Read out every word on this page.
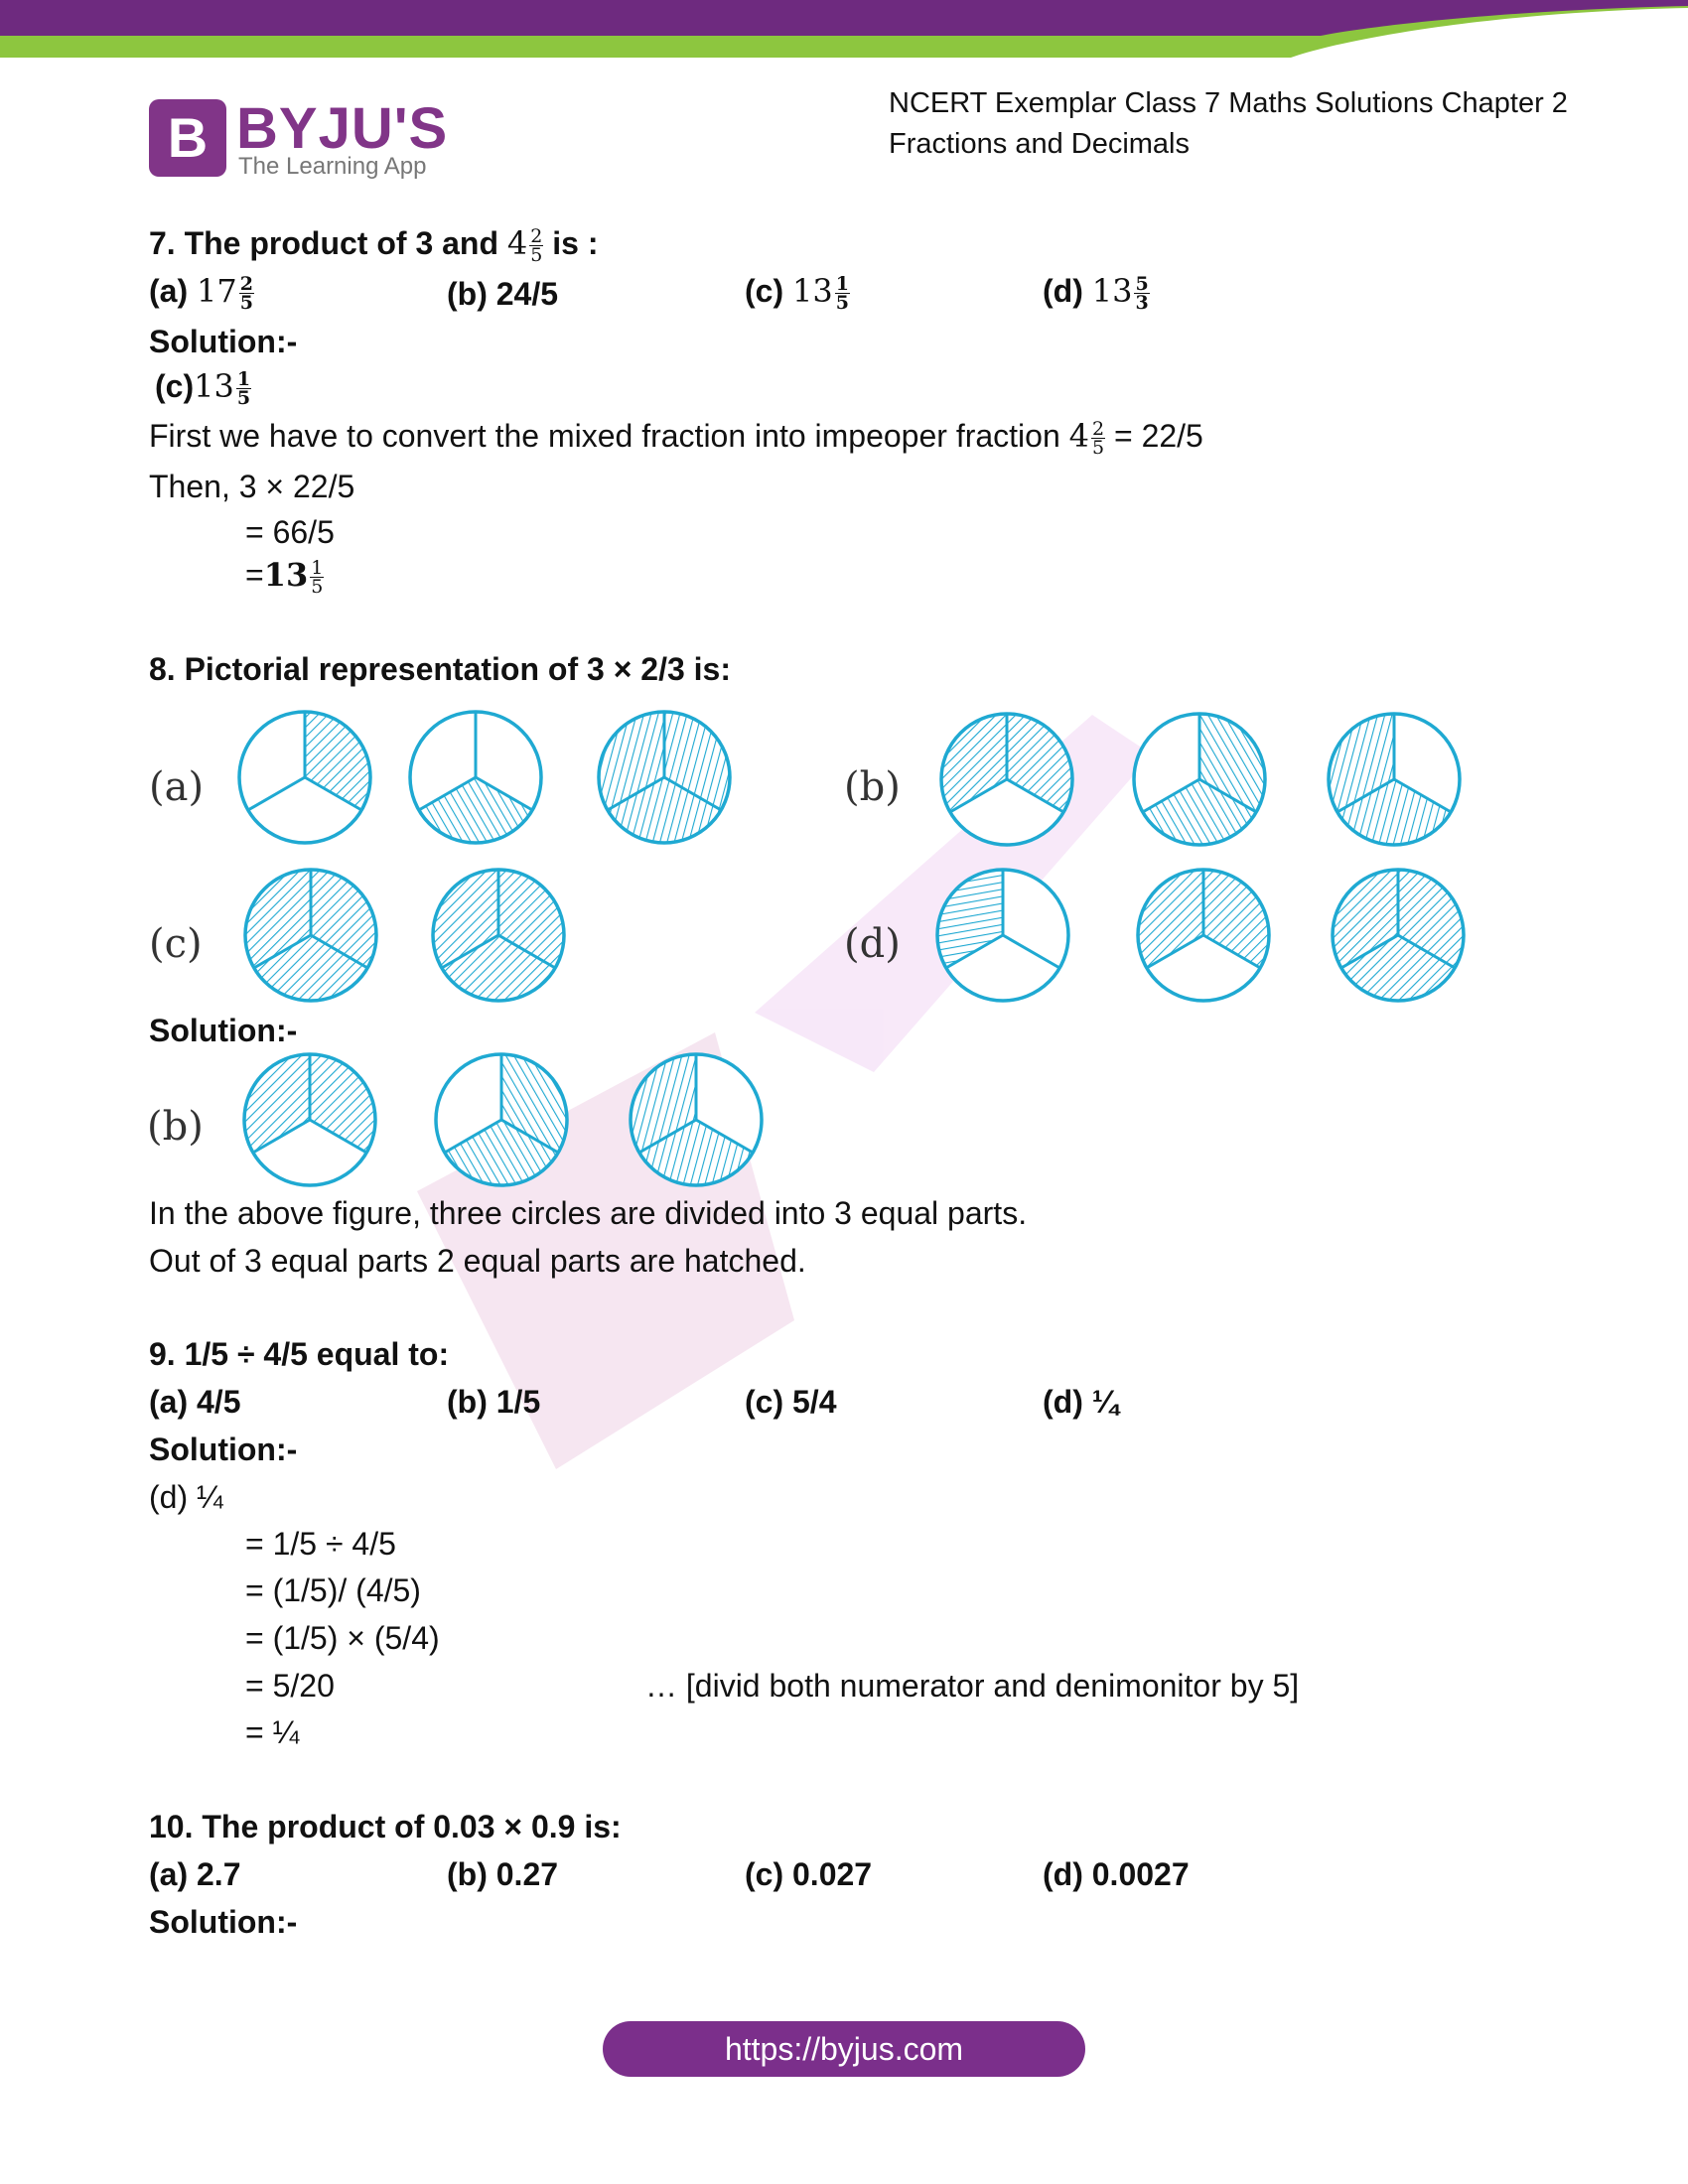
B BYJU'S
The Learning App
NCERT Exemplar Class 7 Maths Solutions Chapter 2 Fractions and Decimals
7. The product of 3 and $4 \frac{2}{5}$ is :
(a) $17 \frac{2}{5}$	(b) 24/5	(c) $13 \frac{1}{5}$	(d) $13 \frac{5}{3}$
Solution:-
$(c)13 \frac{1}{5}$
First we have to convert the mixed fraction into impeoper fraction $4 \frac{2}{5} = 22/5$
Then, 3 × 22/5
= 66/5
$=13 \frac{1}{5}$
8. Pictorial representation of 3 × 2/3 is:
(a)	(b)
(c)	(d)
Solution:-
(b)
In the above figure, three circles are divided into 3 equal parts.
Out of 3 equal parts 2 equal parts are hatched.
9. 1/5 ÷ 4/5 equal to:
(a) 4/5	(b) 1/5	(c) 5/4	(d) ¼
Solution:-
(d) ¼
= 1/5 ÷ 4/5
= (1/5)/ (4/5)
= (1/5) × (5/4)
= 5/20	… [divid both numerator and denimonitor by 5]
= ¼
10. The product of 0.03 × 0.9 is:
(a) 2.7	(b) 0.27	(c) 0.027	(d) 0.0027
Solution:-
https://byjus.com
